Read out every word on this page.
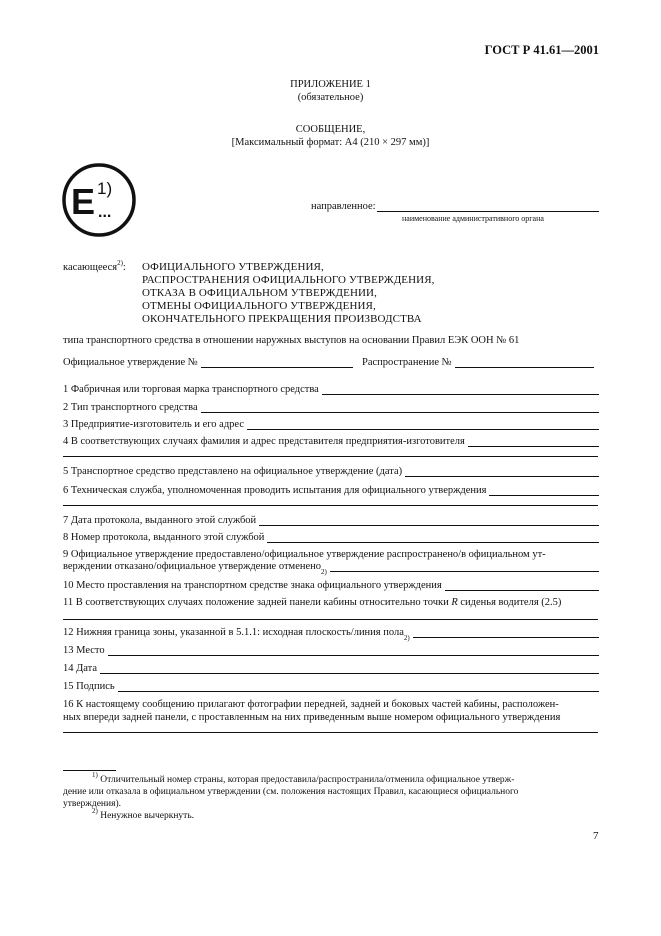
ГОСТ Р 41.61—2001
ПРИЛОЖЕНИЕ 1
(обязательное)
СООБЩЕНИЕ,
[Максимальный формат: А4 (210 × 297 мм)]
E 1)
...	направленное:
наименование административного органа
касающееся$^{2)}$: ОФИЦИАЛЬНОГО УТВЕРЖДЕНИЯ,
РАСПРОСТРАНЕНИЯ ОФИЦИАЛЬНОГО УТВЕРЖДЕНИЯ,
ОТКАЗА В ОФИЦИАЛЬНОМ УТВЕРЖДЕНИИ,
ОТМЕНЫ ОФИЦИАЛЬНОГО УТВЕРЖДЕНИЯ,
ОКОНЧАТЕЛЬНОГО ПРЕКРАЩЕНИЯ ПРОИЗВОДСТВА
типа транспортного средства в отношении наружных выступов на основании Правил ЕЭК ООН № 61
Официальное утверждение №	Распространение №
1 Фабричная или торговая марка транспортного средства
2 Тип транспортного средства
3 Предприятие-изготовитель и его адрес
4 В соответствующих случаях фамилия и адрес представителя предприятия-изготовителя
5 Транспортное средство представлено на официальное утверждение (дата)
6 Техническая служба, уполномоченная проводить испытания для официального утверждения
7 Дата протокола, выданного этой службой
8 Номер протокола, выданного этой службой
9 Официальное утверждение предоставлено/официальное утверждение распространено/в официальном ут-
верждении отказано/официальное утверждение отменено 2)
10 Место проставления на транспортном средстве знака официального утверждения
11 В соответствующих случаях положение задней панели кабины относительно точки R сиденья водителя (2.5)
12 Нижняя граница зоны, указанной в 5.1.1: исходная плоскость/линия пола 2)
13 Место
14 Дата
15 Подпись
16 К настоящему сообщению прилагают фотографии передней, задней и боковых частей кабины, расположен-
ных впереди задней панели, с проставленным на них приведенным выше номером официального утверждения
$^{1)}$ Отличительный номер страны, которая предоставила/распространила/отменила официальное утверж-
дение или отказала в официальном утверждении (см. положения настоящих Правил, касающиеся официального
утверждения).
$^{2)}$ Ненужное вычеркнуть.
7
